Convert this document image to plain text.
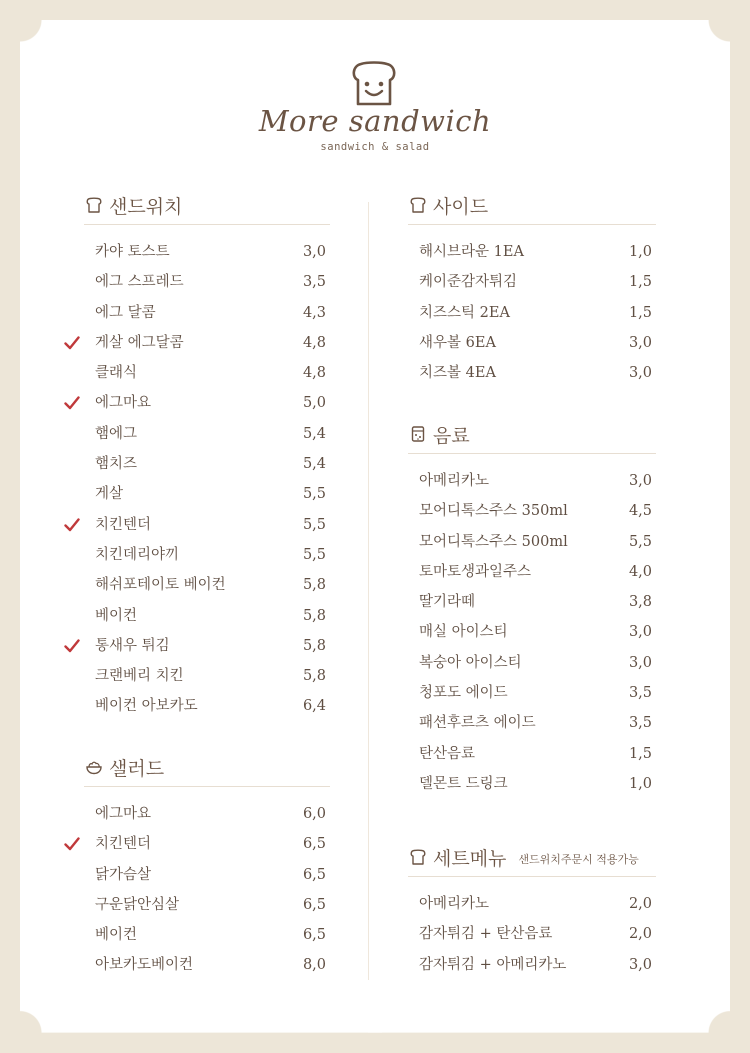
More sandwich
sandwich & salad
샌드위치
카야 토스트	3,0
에그 스프레드	3,5
에그 달콤	4,3
게살 에그달콤	4,8
클래식	4,8
에그마요	5,0
햄에그	5,4
햄치즈	5,4
게살	5,5
치킨텐더	5,5
치킨데리야끼	5,5
해쉬포테이토 베이컨	5,8
베이컨	5,8
통새우 튀김	5,8
크랜베리 치킨	5,8
베이컨 아보카도	6,4
샐러드
에그마요	6,0
치킨텐더	6,5
닭가슴살	6,5
구운닭안심살	6,5
베이컨	6,5
아보카도베이컨	8,0
사이드
해시브라운 1EA	1,0
케이준감자튀김	1,5
치즈스틱 2EA	1,5
새우볼 6EA	3,0
치즈볼 4EA	3,0
음료
아메리카노	3,0
모어디톡스주스 350ml	4,5
모어디톡스주스 500ml	5,5
토마토생과일주스	4,0
딸기라떼	3,8
매실 아이스티	3,0
복숭아 아이스티	3,0
청포도 에이드	3,5
패션후르츠 에이드	3,5
탄산음료	1,5
델몬트 드링크	1,0
세트메뉴 샌드위치주문시 적용가능
아메리카노	2,0
감자튀김 + 탄산음료	2,0
감자튀김 + 아메리카노	3,0
